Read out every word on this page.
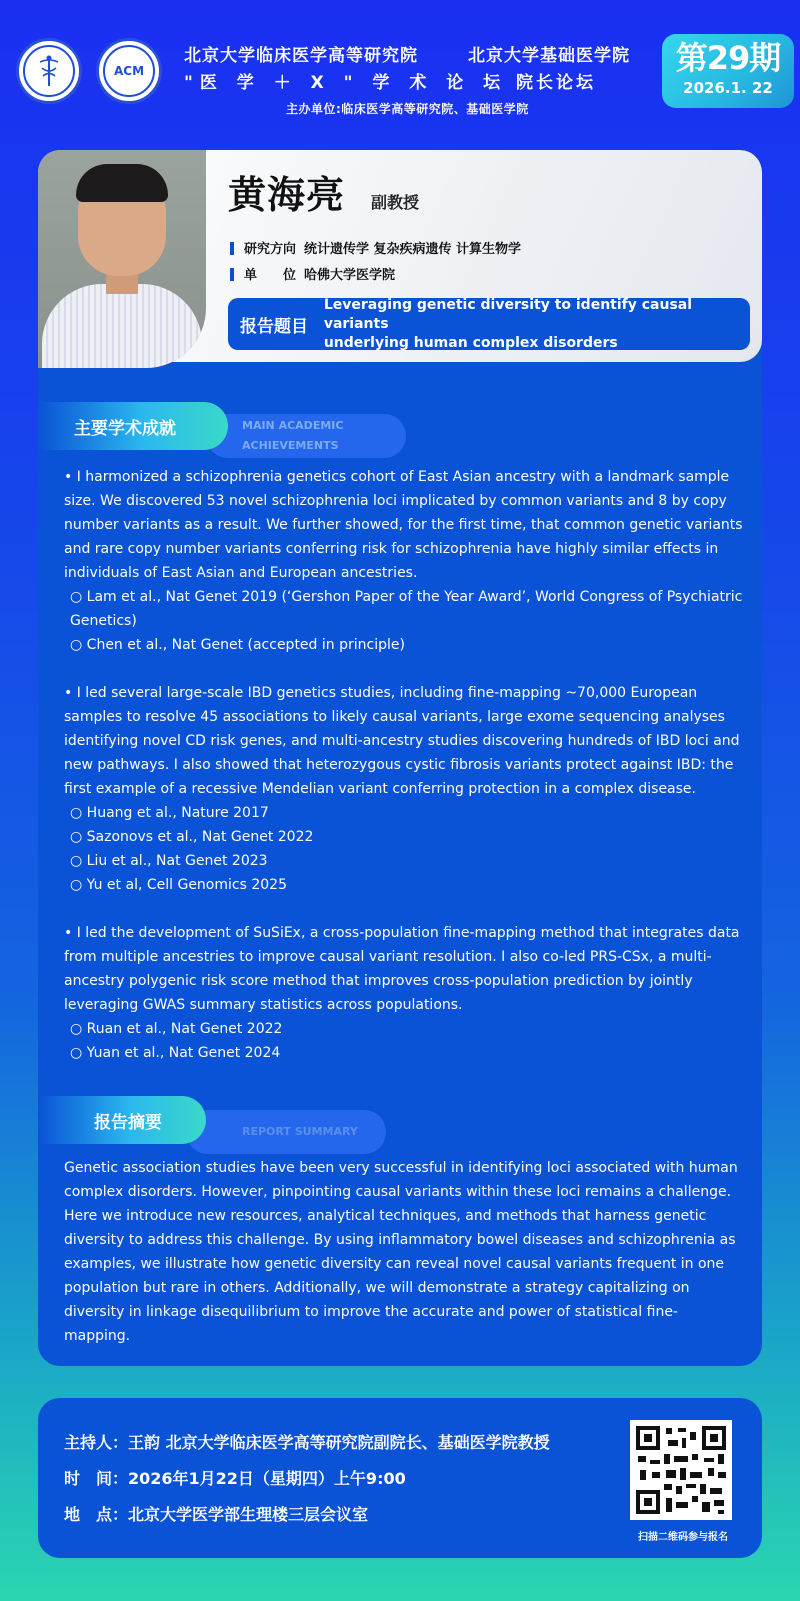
ACM
北京大学临床医学高等研究院
"医 学 ＋ X " 学 术 论 坛
北京大学基础医学院
院长论坛
主办单位:临床医学高等研究院、基础医学院
第29期
2026.1. 22
黄海亮 副教授
研究方向 统计遗传学 复杂疾病遗传 计算生物学
单　　位 哈佛大学医学院
报告题目
Leveraging genetic diversity to identify causal variants
underlying human complex disorders
MAIN ACADEMIC
ACHIEVEMENTS
主要学术成就

• I harmonized a schizophrenia genetics cohort of East Asian ancestry with a landmark sample size. We discovered 53 novel schizophrenia loci implicated by common variants and 8 by copy number variants as a result. We further showed, for the first time, that common genetic variants and rare copy number variants conferring risk for schizophrenia have highly similar effects in individuals of East Asian and European ancestries.

○ Lam et al., Nat Genet 2019 (‘Gershon Paper of the Year Award’, World Congress of Psychiatric Genetics)

○ Chen et al., Nat Genet (accepted in principle)

• I led several large-scale IBD genetics studies, including fine-mapping ~70,000 European samples to resolve 45 associations to likely causal variants, large exome sequencing analyses identifying novel CD risk genes, and multi-ancestry studies discovering hundreds of IBD loci and new pathways. I also showed that heterozygous cystic fibrosis variants protect against IBD: the first example of a recessive Mendelian variant conferring protection in a complex disease.

○ Huang et al., Nature 2017

○ Sazonovs et al., Nat Genet 2022

○ Liu et al., Nat Genet 2023

○ Yu et al, Cell Genomics 2025

• I led the development of SuSiEx, a cross-population fine-mapping method that integrates data from multiple ancestries to improve causal variant resolution. I also co-led PRS-CSx, a multi-ancestry polygenic risk score method that improves cross-population prediction by jointly leveraging GWAS summary statistics across populations.

○ Ruan et al., Nat Genet 2022

○ Yuan et al., Nat Genet 2024

REPORT SUMMARY
报告摘要
Genetic association studies have been very successful in identifying loci associated with human complex disorders. However, pinpointing causal variants within these loci remains a challenge. Here we introduce new resources, analytical techniques, and methods that harness genetic diversity to address this challenge. By using inflammatory bowel diseases and schizophrenia as examples, we illustrate how genetic diversity can reveal novel causal variants frequent in one population but rare in others. Additionally, we will demonstrate a strategy capitalizing on diversity in linkage disequilibrium to improve the accurate and power of statistical fine-mapping.
主持人：王韵 北京大学临床医学高等研究院副院长、基础医学院教授
时　间：2026年1月22日（星期四）上午9:00
地　点：北京大学医学部生理楼三层会议室
扫描二维码参与报名
